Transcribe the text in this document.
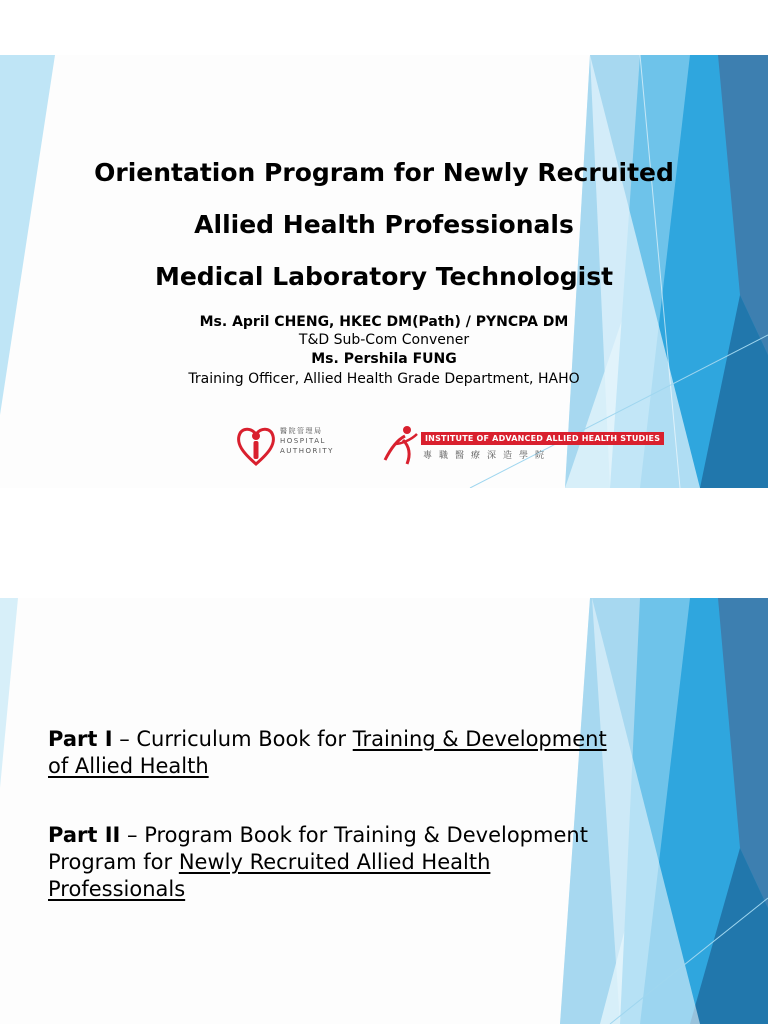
Orientation Program for Newly Recruited
Allied Health Professionals
Medical Laboratory Technologist
Ms. April CHENG, HKEC DM(Path) / PYNCPA DM
T&D Sub-Com Convener
Ms. Pershila FUNG
Training Officer, Allied Health Grade Department, HAHO
醫院管理局
HOSPITAL
AUTHORITY
INSTITUTE OF ADVANCED ALLIED HEALTH STUDIES
專職醫療深造學院
Part I – Curriculum Book for Training & Development of Allied Health
Part II – Program Book for Training & Development Program for Newly Recruited Allied Health Professionals
